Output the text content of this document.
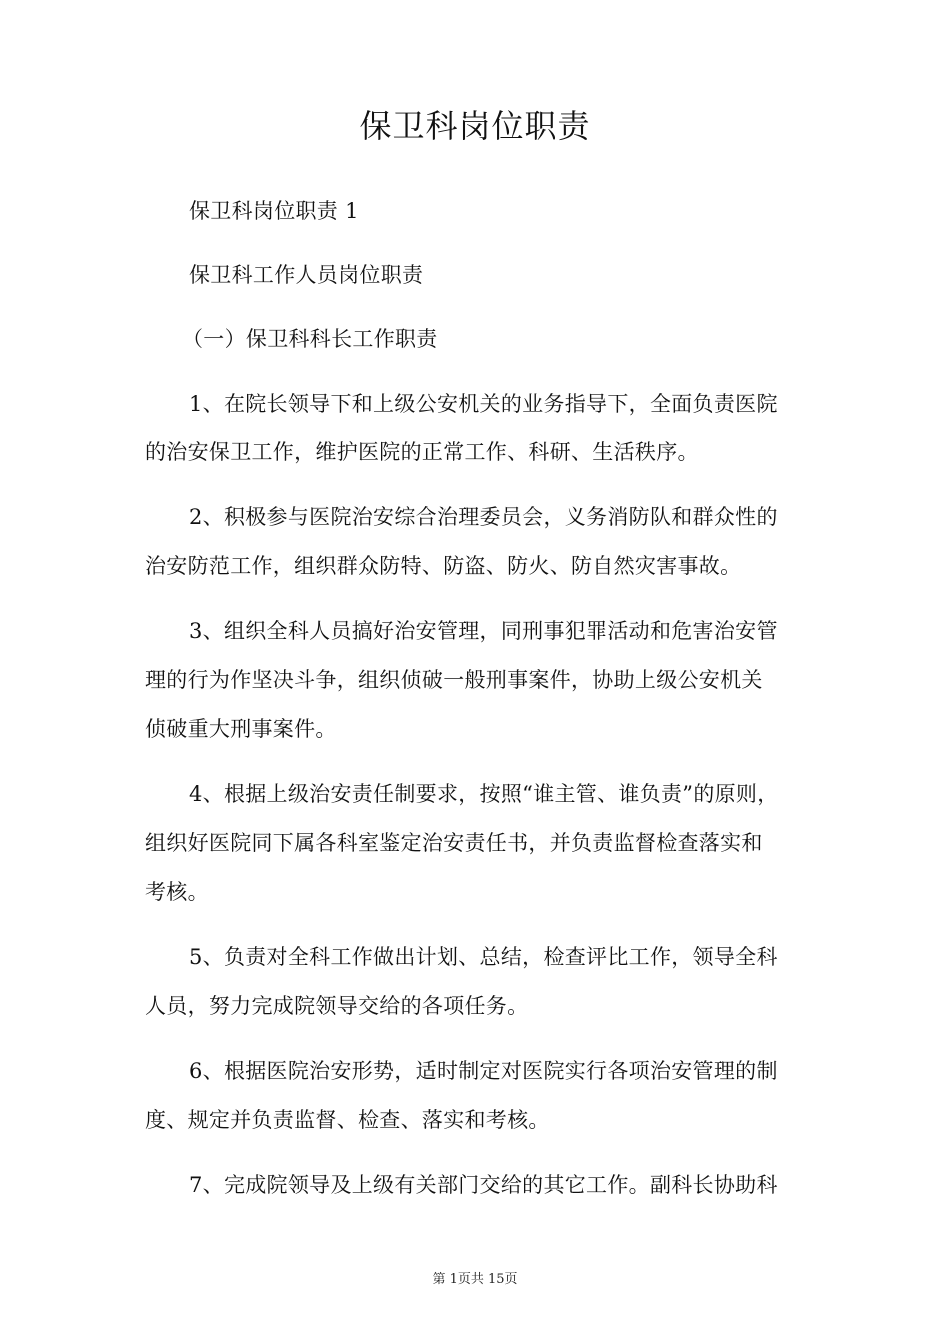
保卫科岗位职责
保卫科岗位职责 1
保卫科工作人员岗位职责
（一）保卫科科长工作职责
1、在院长领导下和上级公安机关的业务指导下，全面负责医院
的治安保卫工作，维护医院的正常工作、科研、生活秩序。
2、积极参与医院治安综合治理委员会，义务消防队和群众性的
治安防范工作，组织群众防特、防盗、防火、防自然灾害事故。
3、组织全科人员搞好治安管理，同刑事犯罪活动和危害治安管
理的行为作坚决斗争，组织侦破一般刑事案件，协助上级公安机关
侦破重大刑事案件。
4、根据上级治安责任制要求，按照“谁主管、谁负责”的原则，
组织好医院同下属各科室鉴定治安责任书，并负责监督检查落实和
考核。
5、负责对全科工作做出计划、总结，检查评比工作，领导全科
人员，努力完成院领导交给的各项任务。
6、根据医院治安形势，适时制定对医院实行各项治安管理的制
度、规定并负责监督、检查、落实和考核。
7、完成院领导及上级有关部门交给的其它工作。副科长协助科
第 1页共 15页
